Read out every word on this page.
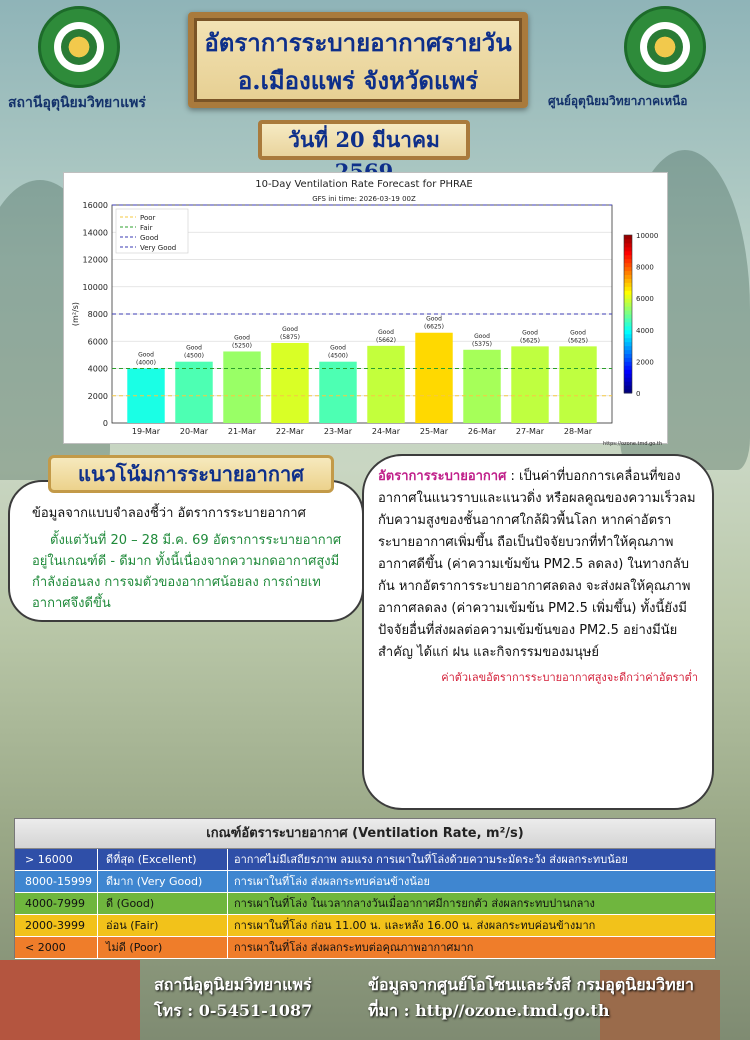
สถานีอุตุนิยมวิทยาแพร่	ศูนย์อุตุนิยมวิทยาภาคเหนือ
อัตราการระบายอากาศรายวัน
อ.เมืองแพร่ จังหวัดแพร่
วันที่ 20 มีนาคม
10-Day Ventilation Rate Forecast for PHRAE
GFS ini time: 2026-03-19 00Z
0
2000
4000
6000
8000
10000
12000
14000
16000
(m²/s)
Good
(4000)
19-Mar
Good
(4500)
20-Mar
Good
(5250)
21-Mar
Good
(5875)
22-Mar
Good
(4500)
23-Mar
Good
(5662)
24-Mar
Good
(6625)
25-Mar
Good
(5375)
26-Mar
Good
(5625)
27-Mar
Good
(5625)
28-Mar
Poor
Fair
Good
Very Good
0
2000
4000
6000
8000
10000
https://ozone.tmd.go.th
ข้อมูลจากแบบจำลองชี้ว่า อัตราการระบายอากาศ
ตั้งแต่วันที่ 20 – 28 มี.ค. 69 อัตราการระบายอากาศอยู่ในเกณฑ์ดี - ดีมาก ทั้งนี้เนื่องจากความกดอากาศสูงมีกำลังอ่อนลง การจมตัวของอากาศน้อยลง การถ่ายเทอากาศจึงดีขึ้น
แนวโน้มการระบายอากาศ	อัตราการระบายอากาศ : เป็นค่าที่บอกการเคลื่อนที่ของอากาศในแนวราบและแนวดิ่ง หรือผลคูณของความเร็วลมกับความสูงของชั้นอากาศใกล้ผิวพื้นโลก หากค่าอัตราระบายอากาศเพิ่มขึ้น ถือเป็นปัจจัยบวกที่ทำให้คุณภาพอากาศดีขึ้น (ค่าความเข้มข้น PM2.5 ลดลง) ในทางกลับกัน หากอัตราการระบายอากาศลดลง จะส่งผลให้คุณภาพอากาศลดลง (ค่าความเข้มข้น PM2.5 เพิ่มขึ้น) ทั้งนี้ยังมีปัจจัยอื่นที่ส่งผลต่อความเข้มข้นของ PM2.5 อย่างมีนัยสำคัญ ได้แก่ ฝน และกิจกรรมของมนุษย์
ค่าตัวเลขอัตราการระบายอากาศสูงจะดีกว่าค่าอัตราต่ำ
เกณฑ์อัตราระบายอากาศ (Ventilation Rate, m²/s)
> 16000	ดีที่สุด (Excellent)	อากาศไม่มีเสถียรภาพ ลมแรง การเผาในที่โล่งด้วยความระมัดระวัง ส่งผลกระทบน้อย
8000-15999	ดีมาก (Very Good)	การเผาในที่โล่ง ส่งผลกระทบค่อนข้างน้อย
4000-7999	ดี (Good)	การเผาในที่โล่ง ในเวลากลางวันเมื่ออากาศมีการยกตัว ส่งผลกระทบปานกลาง
2000-3999	อ่อน (Fair)	การเผาในที่โล่ง ก่อน 11.00 น. และหลัง 16.00 น. ส่งผลกระทบค่อนข้างมาก
< 2000	ไม่ดี (Poor)	การเผาในที่โล่ง ส่งผลกระทบต่อคุณภาพอากาศมาก
สถานีอุตุนิยมวิทยาแพร่
โทร : 0-5451-1087
ข้อมูลจากศูนย์โอโซนและรังสี กรมอุตุนิยมวิทยา
ที่มา : http//ozone.tmd.go.th
